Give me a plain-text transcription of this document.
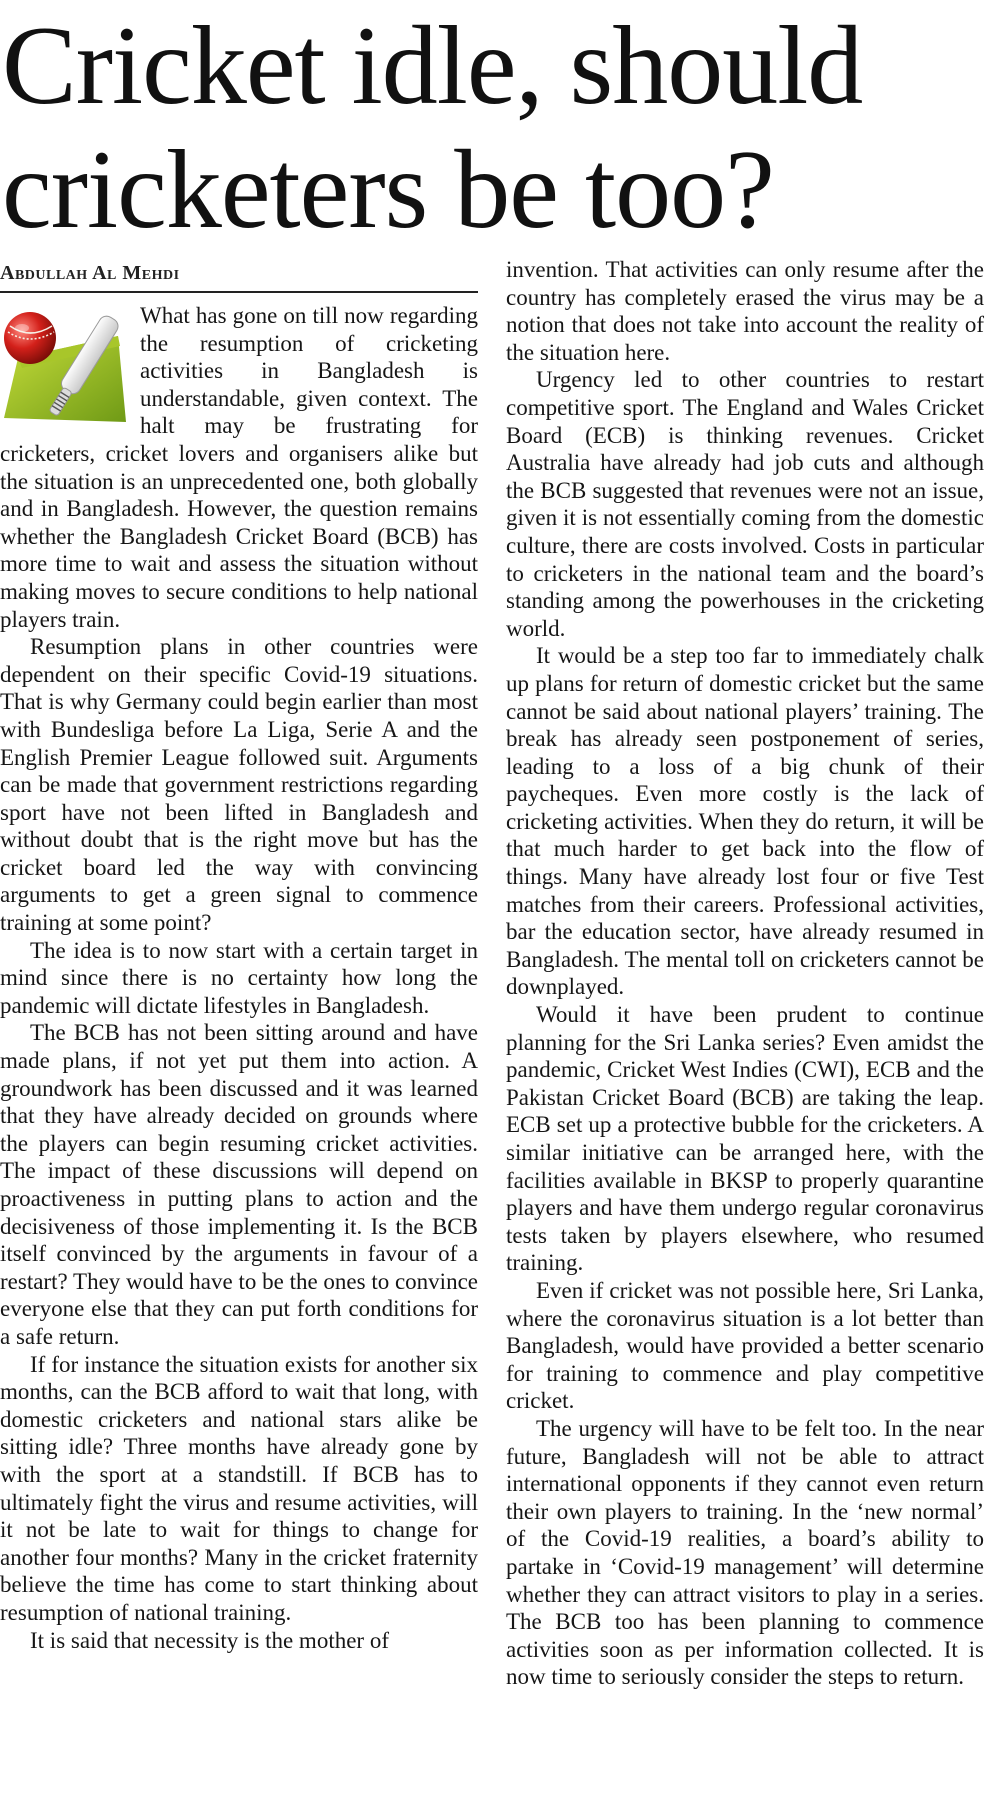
Cricket idle, should
cricketers be too?
Abdullah Al Mehdi

What has gone on till now regarding the resumption of cricketing activities in Bangladesh is understandable, given context. The halt may be frustrating for cricketers, cricket lovers and organisers alike but the situation is an unprecedented one, both globally and in Bangladesh. However, the question remains whether the Bangladesh Cricket Board (BCB) has more time to wait and assess the situation without making moves to secure conditions to help national players train.

Resumption plans in other countries were dependent on their specific Covid-19 situations. That is why Germany could begin earlier than most with Bundesliga before La Liga, Serie A and the English Premier League followed suit. Arguments can be made that government restrictions regarding sport have not been lifted in Bangladesh and without doubt that is the right move but has the cricket board led the way with convincing arguments to get a green signal to commence training at some point?

The idea is to now start with a certain target in mind since there is no certainty how long the pandemic will dictate lifestyles in Bangladesh.

The BCB has not been sitting around and have made plans, if not yet put them into action. A groundwork has been discussed and it was learned that they have already decided on grounds where the players can begin resuming cricket activities. The impact of these discussions will depend on proactiveness in putting plans to action and the decisiveness of those implementing it. Is the BCB itself convinced by the arguments in favour of a restart? They would have to be the ones to convince everyone else that they can put forth conditions for a safe return.

If for instance the situation exists for another six months, can the BCB afford to wait that long, with domestic cricketers and national stars alike be sitting idle? Three months have already gone by with the sport at a standstill. If BCB has to ultimately fight the virus and resume activities, will it not be late to wait for things to change for another four months? Many in the cricket fraternity believe the time has come to start thinking about resumption of national training.

It is said that necessity is the mother of

invention. That activities can only resume after the country has completely erased the virus may be a notion that does not take into account the reality of the situation here.

Urgency led to other countries to restart competitive sport. The England and Wales Cricket Board (ECB) is thinking revenues. Cricket Australia have already had job cuts and although the BCB suggested that revenues were not an issue, given it is not essentially coming from the domestic culture, there are costs involved. Costs in particular to cricketers in the national team and the board’s standing among the powerhouses in the cricketing world.

It would be a step too far to immediately chalk up plans for return of domestic cricket but the same cannot be said about national players’ training. The break has already seen postponement of series, leading to a loss of a big chunk of their paycheques. Even more costly is the lack of cricketing activities. When they do return, it will be that much harder to get back into the flow of things. Many have already lost four or five Test matches from their careers. Professional activities, bar the education sector, have already resumed in Bangladesh. The mental toll on cricketers cannot be downplayed.

Would it have been prudent to continue planning for the Sri Lanka series? Even amidst the pandemic, Cricket West Indies (CWI), ECB and the Pakistan Cricket Board (BCB) are taking the leap. ECB set up a protective bubble for the cricketers. A similar initiative can be arranged here, with the facilities available in BKSP to properly quarantine players and have them undergo regular coronavirus tests taken by players elsewhere, who resumed training.

Even if cricket was not possible here, Sri Lanka, where the coronavirus situation is a lot better than Bangladesh, would have provided a better scenario for training to commence and play competitive cricket.

The urgency will have to be felt too. In the near future, Bangladesh will not be able to attract international opponents if they cannot even return their own players to training. In the ‘new normal’ of the Covid-19 realities, a board’s ability to partake in ‘Covid-19 management’ will determine whether they can attract visitors to play in a series. The BCB too has been planning to commence activities soon as per information collected. It is now time to seriously consider the steps to return.
